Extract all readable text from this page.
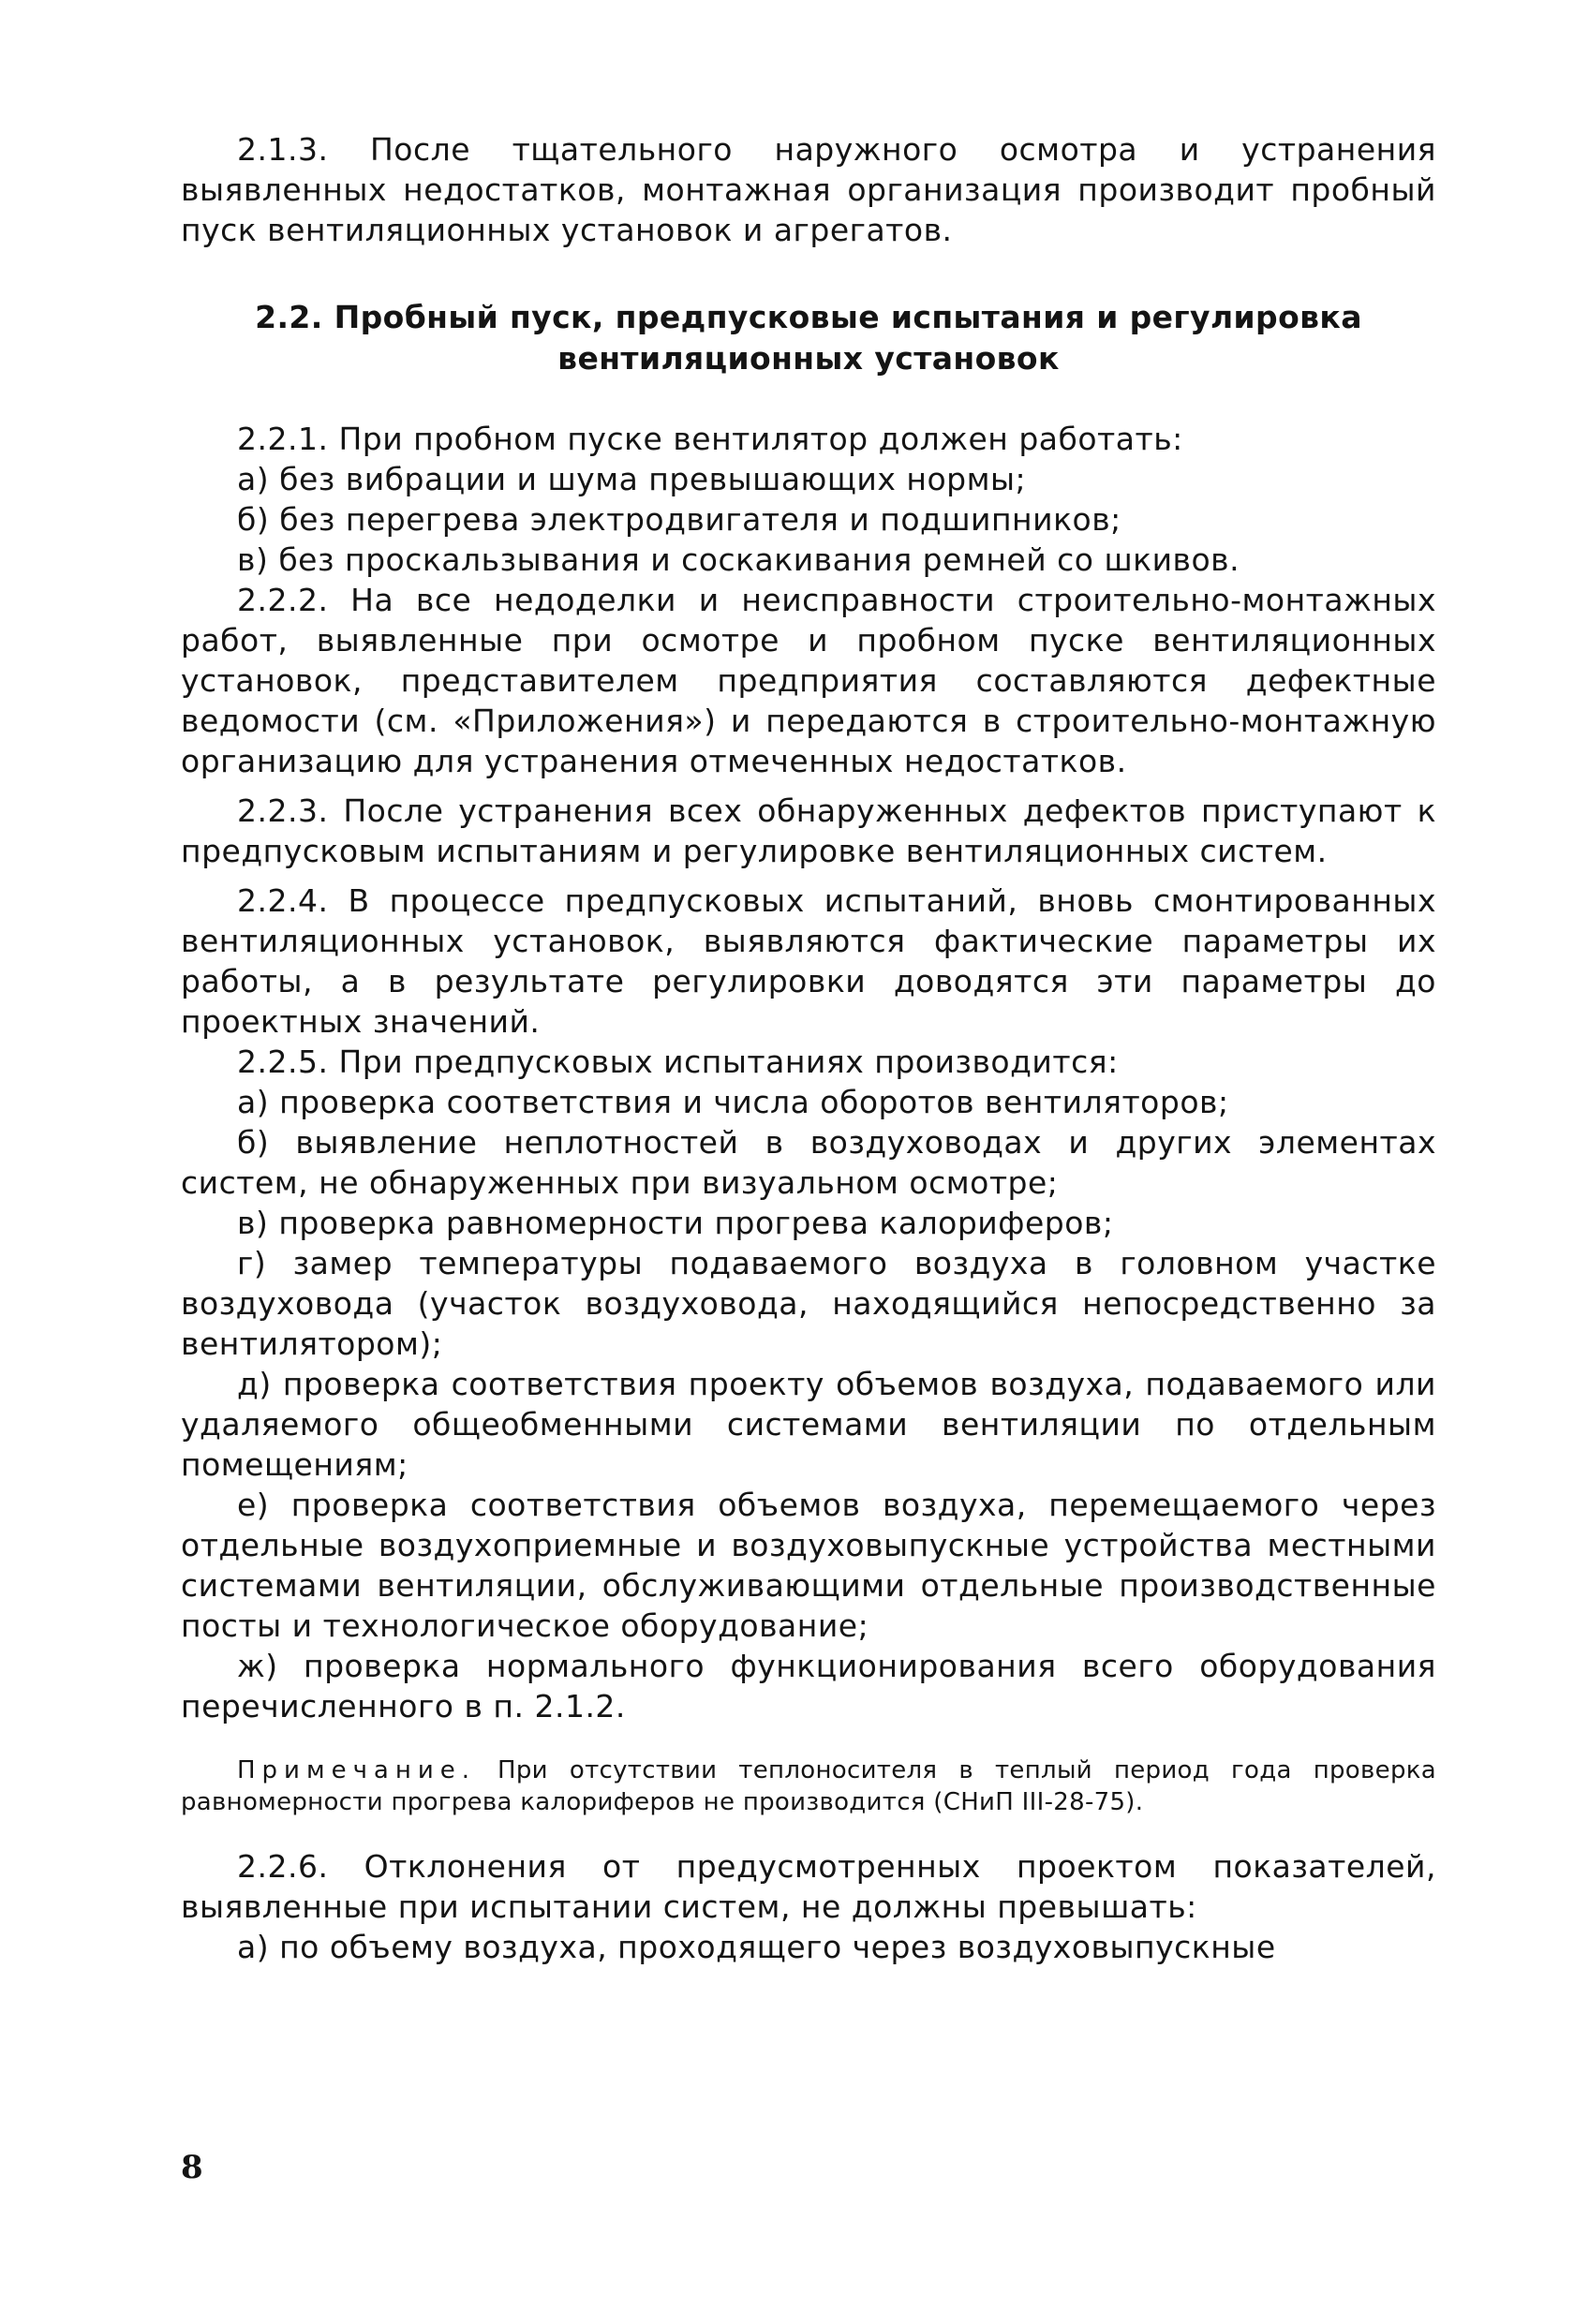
2.1.3. После тщательного наружного осмотра и устранения выявленных недостатков, монтажная организация производит пробный пуск вентиляционных установок и агрегатов.

2.2. Пробный пуск, предпусковые испытания и регулировка
вентиляционных установок

2.2.1. При пробном пуске вентилятор должен работать:

а) без вибрации и шума превышающих нормы;

б) без перегрева электродвигателя и подшипников;

в) без проскальзывания и соскакивания ремней со шкивов.

2.2.2. На все недоделки и неисправности строительно-монтажных работ, выявленные при осмотре и пробном пуске вентиляционных установок, представителем предприятия составляются дефектные ведомости (см. «Приложения») и передаются в строительно-монтажную организацию для устранения отмеченных недостатков.

2.2.3. После устранения всех обнаруженных дефектов приступают к предпусковым испытаниям и регулировке вентиляционных систем.

2.2.4. В процессе предпусковых испытаний, вновь смонтированных вентиляционных установок, выявляются фактические параметры их работы, а в результате регулировки доводятся эти параметры до проектных значений.

2.2.5. При предпусковых испытаниях производится:

а) проверка соответствия и числа оборотов вентиляторов;

б) выявление неплотностей в воздуховодах и других элементах систем, не обнаруженных при визуальном осмотре;

в) проверка равномерности прогрева калориферов;

г) замер температуры подаваемого воздуха в головном участке воздуховода (участок воздуховода, находящийся непосредственно за вентилятором);

д) проверка соответствия проекту объемов воздуха, подаваемого или удаляемого общеобменными системами вентиляции по отдельным помещениям;

е) проверка соответствия объемов воздуха, перемещаемого через отдельные воздухоприемные и воздуховыпускные устройства местными системами вентиляции, обслуживающими отдельные производственные посты и технологическое оборудование;

ж) проверка нормального функционирования всего оборудования перечисленного в п. 2.1.2.

Примечание. При отсутствии теплоносителя в теплый период года проверка равномерности прогрева калориферов не производится (СНиП III-28-75).

2.2.6. Отклонения от предусмотренных проектом показателей, выявленные при испытании систем, не должны превышать:

а) по объему воздуха, проходящего через воздуховыпускные

8
